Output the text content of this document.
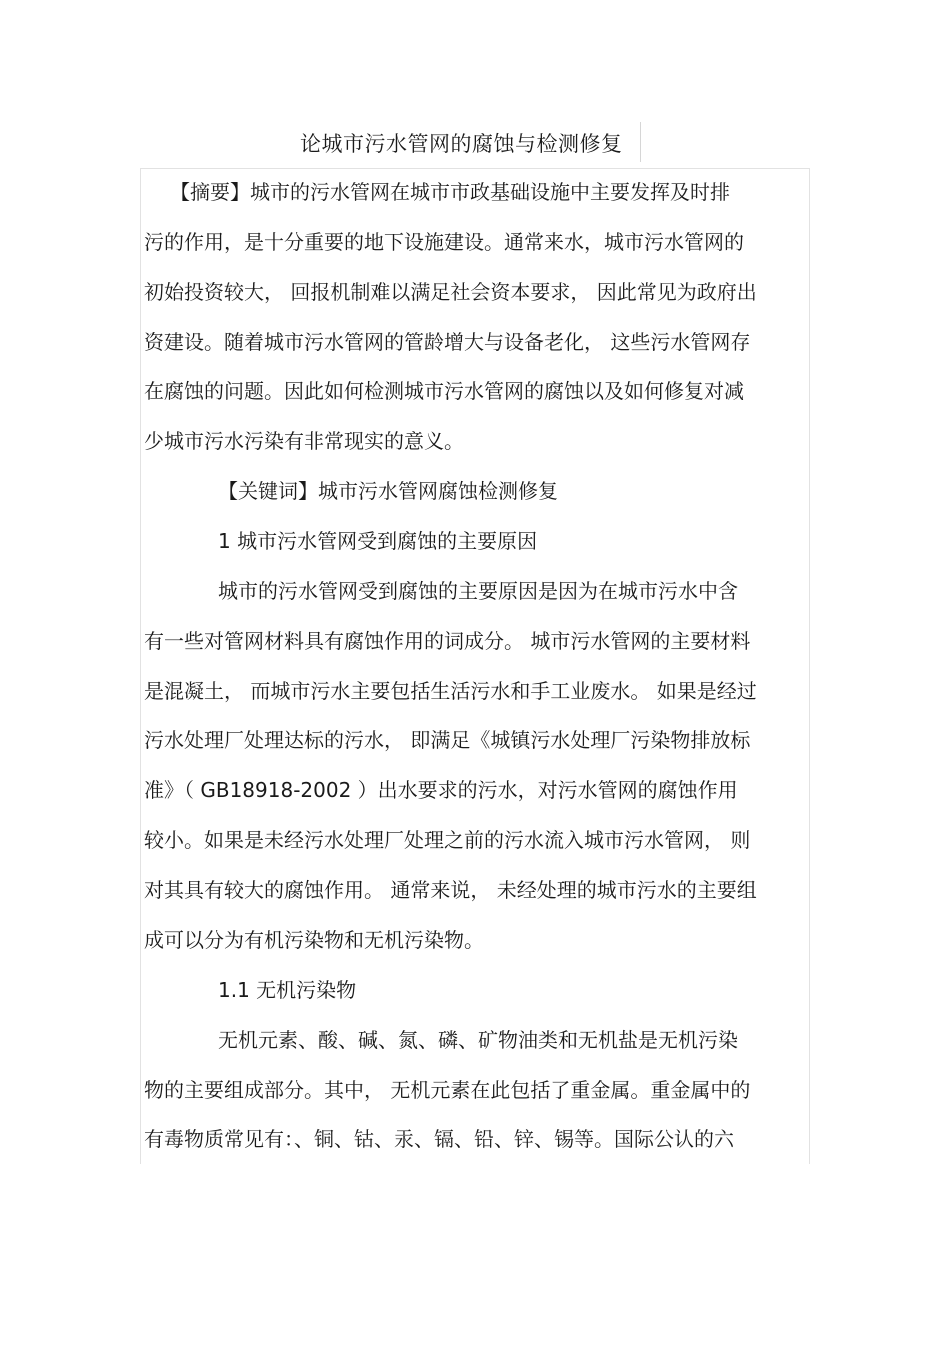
论城市污水管网的腐蚀与检测修复
【摘要】城市的污水管网在城市市政基础设施中主要发挥及时排
污的作用，是十分重要的地下设施建设。通常来水，城市污水管网的
初始投资较大， 回报机制难以满足社会资本要求， 因此常见为政府出
资建设。随着城市污水管网的管龄增大与设备老化， 这些污水管网存
在腐蚀的问题。因此如何检测城市污水管网的腐蚀以及如何修复对减
少城市污水污染有非常现实的意义。
【关键词】城市污水管网腐蚀检测修复
1 城市污水管网受到腐蚀的主要原因
城市的污水管网受到腐蚀的主要原因是因为在城市污水中含
有一些对管网材料具有腐蚀作用的词成分。 城市污水管网的主要材料
是混凝土， 而城市污水主要包括生活污水和手工业废水。 如果是经过
污水处理厂处理达标的污水， 即满足《城镇污水处理厂污染物排放标
准》（ GB18918-2002 ）出水要求的污水，对污水管网的腐蚀作用
较小。如果是未经污水处理厂处理之前的污水流入城市污水管网， 则
对其具有较大的腐蚀作用。 通常来说， 未经处理的城市污水的主要组
成可以分为有机污染物和无机污染物。
1.1 无机污染物
无机元素、酸、碱、氮、磷、矿物油类和无机盐是无机污染
物的主要组成部分。其中， 无机元素在此包括了重金属。重金属中的
有毒物质常见有：、铜、钴、汞、镉、铅、锌、锡等。国际公认的六
